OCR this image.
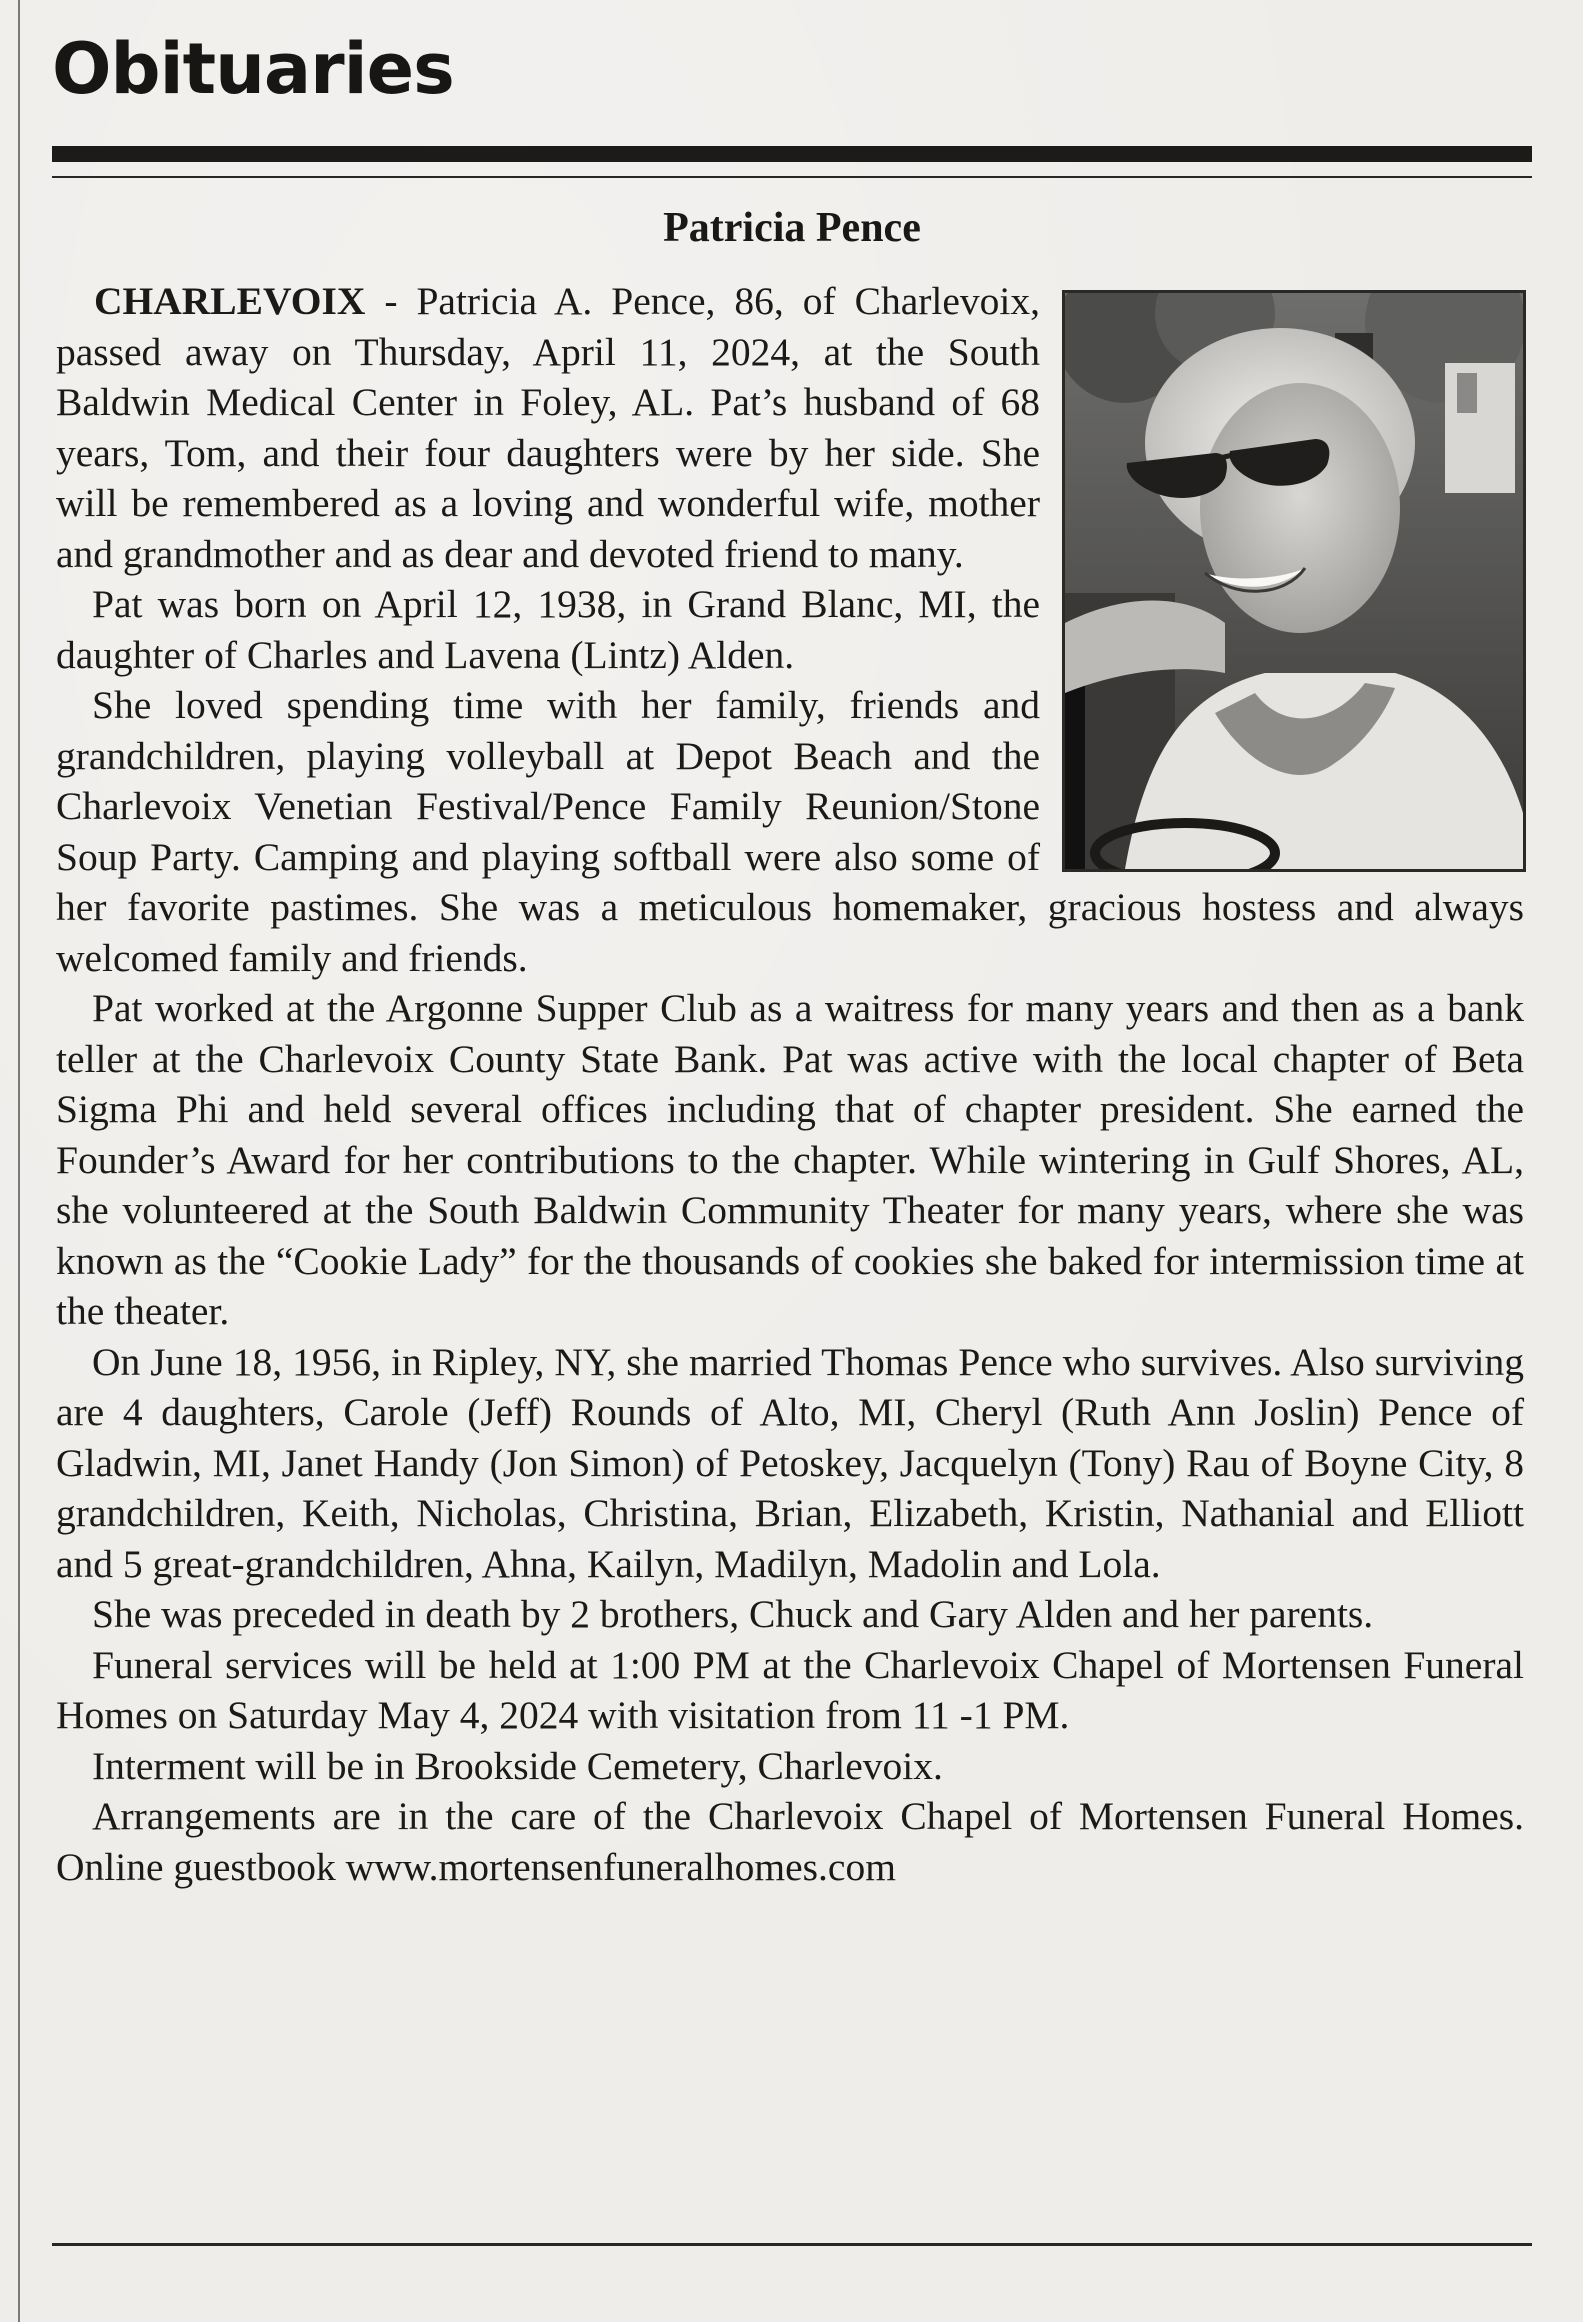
Obituaries
Patricia Pence

CHARLEVOIX - Patricia A. Pence, 86, of Charlevoix, passed away on Thursday, April 11, 2024, at the South Baldwin Medical Center in Foley, AL. Pat’s husband of 68 years, Tom, and their four daughters were by her side. She will be remembered as a loving and wonderful wife, mother and grandmother and as dear and devoted friend to many.

Pat was born on April 12, 1938, in Grand Blanc, MI, the daughter of Charles and Lavena (Lintz) Alden.

She loved spending time with her family, friends and grandchildren, playing volleyball at Depot Beach and the Charlevoix Venetian Festival/Pence Family Reunion/Stone Soup Party. Camping and playing softball were also some of her favorite pastimes. She was a meticulous homemaker, gracious hostess and always welcomed family and friends.

Pat worked at the Argonne Supper Club as a waitress for many years and then as a bank teller at the Charlevoix County State Bank. Pat was active with the local chapter of Beta Sigma Phi and held several offices including that of chapter president. She earned the Founder’s Award for her contributions to the chapter. While wintering in Gulf Shores, AL, she volunteered at the South Baldwin Community Theater for many years, where she was known as the “Cookie Lady” for the thousands of cookies she baked for intermission time at the theater.

On June 18, 1956, in Ripley, NY, she married Thomas Pence who survives. Also surviving are 4 daughters, Carole (Jeff) Rounds of Alto, MI, Cheryl (Ruth Ann Joslin) Pence of Gladwin, MI, Janet Handy (Jon Simon) of Petoskey, Jacquelyn (Tony) Rau of Boyne City, 8 grandchildren, Keith, Nicholas, Christina, Brian, Elizabeth, Kristin, Nathanial and Elliott and 5 great-grandchildren, Ahna, Kailyn, Madilyn, Madolin and Lola.

She was preceded in death by 2 brothers, Chuck and Gary Alden and her parents.

Funeral services will be held at 1:00 PM at the Charlevoix Chapel of Mortensen Funeral Homes on Saturday May 4, 2024 with visitation from 11 -1 PM.

Interment will be in Brookside Cemetery, Charlevoix.

Arrangements are in the care of the Charlevoix Chapel of Mortensen Funeral Homes. Online guestbook www.mortensenfuneralhomes.com
